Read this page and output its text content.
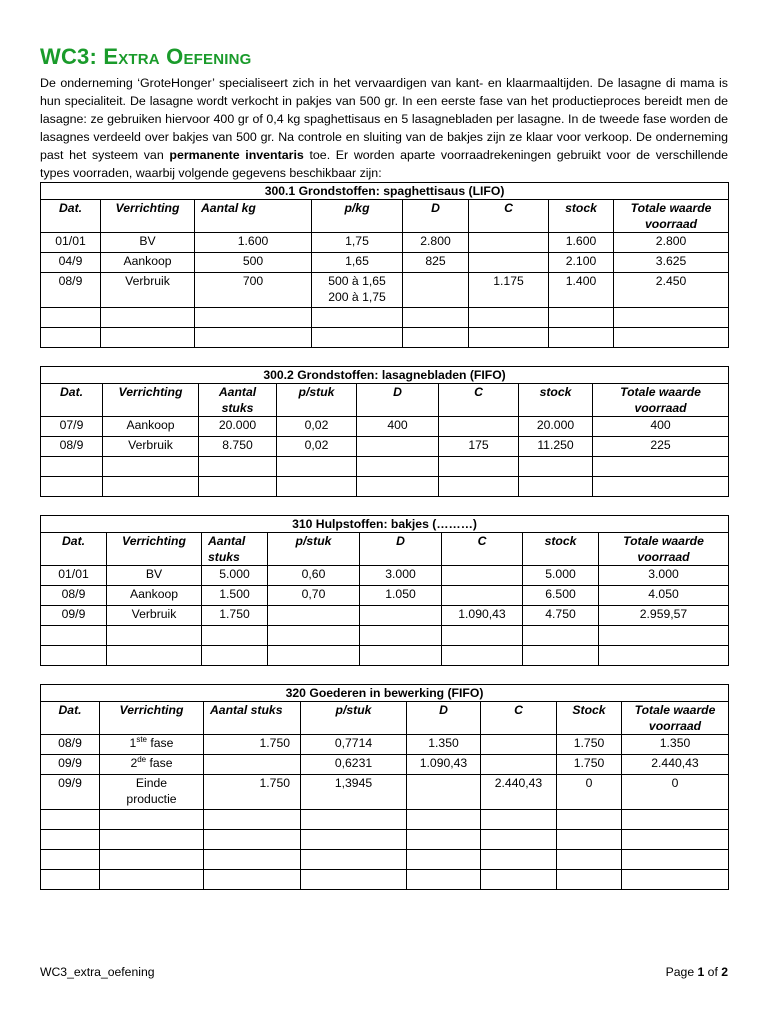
WC3: Extra Oefening

De onderneming ‘GroteHonger’ specialiseert zich in het vervaardigen van kant- en klaarmaaltijden. De lasagne di mama is hun specialiteit. De lasagne wordt verkocht in pakjes van 500 gr. In een eerste fase van het productieproces bereidt men de lasagne: ze gebruiken hiervoor 400 gr of 0,4 kg spaghettisaus en 5 lasagnebladen per lasagne. In de tweede fase worden de lasagnes verdeeld over bakjes van 500 gr. Na controle en sluiting van de bakjes zijn ze klaar voor verkoop. De onderneming past het systeem van permanente inventaris toe. Er worden aparte voorraadrekeningen gebruikt voor de verschillende types voorraden, waarbij volgende gegevens beschikbaar zijn:

300.1 Grondstoffen: spaghettisaus (LIFO)							
Dat.	Verrichting	Aantal kg	p/kg	D	C	stock	Totale waarde voorraad
01/01	BV	1.600	1,75	2.800		1.600	2.800
04/9	Aankoop	500	1,65	825		2.100	3.625
08/9	Verbruik	700	500 à 1,65
200 à 1,75		1.175	1.400	2.450

300.2 Grondstoffen: lasagnebladen (FIFO)							
Dat.	Verrichting	Aantal stuks	p/stuk	D	C	stock	Totale waarde voorraad
07/9	Aankoop	20.000	0,02	400		20.000	400
08/9	Verbruik	8.750	0,02		175	11.250	225

310 Hulpstoffen: bakjes (………)							
Dat.	Verrichting	Aantal stuks	p/stuk	D	C	stock	Totale waarde voorraad
01/01	BV	5.000	0,60	3.000		5.000	3.000
08/9	Aankoop	1.500	0,70	1.050		6.500	4.050
09/9	Verbruik	1.750			1.090,43	4.750	2.959,57

320 Goederen in bewerking (FIFO)							
Dat.	Verrichting	Aantal stuks	p/stuk	D	C	Stock	Totale waarde voorraad
08/9	1ste fase	1.750	0,7714	1.350		1.750	1.350
09/9	2de fase		0,6231	1.090,43		1.750	2.440,43
09/9	Einde
productie	1.750	1,3945		2.440,43	0	0

WC3_extra_oefening	Page 1 of 2
